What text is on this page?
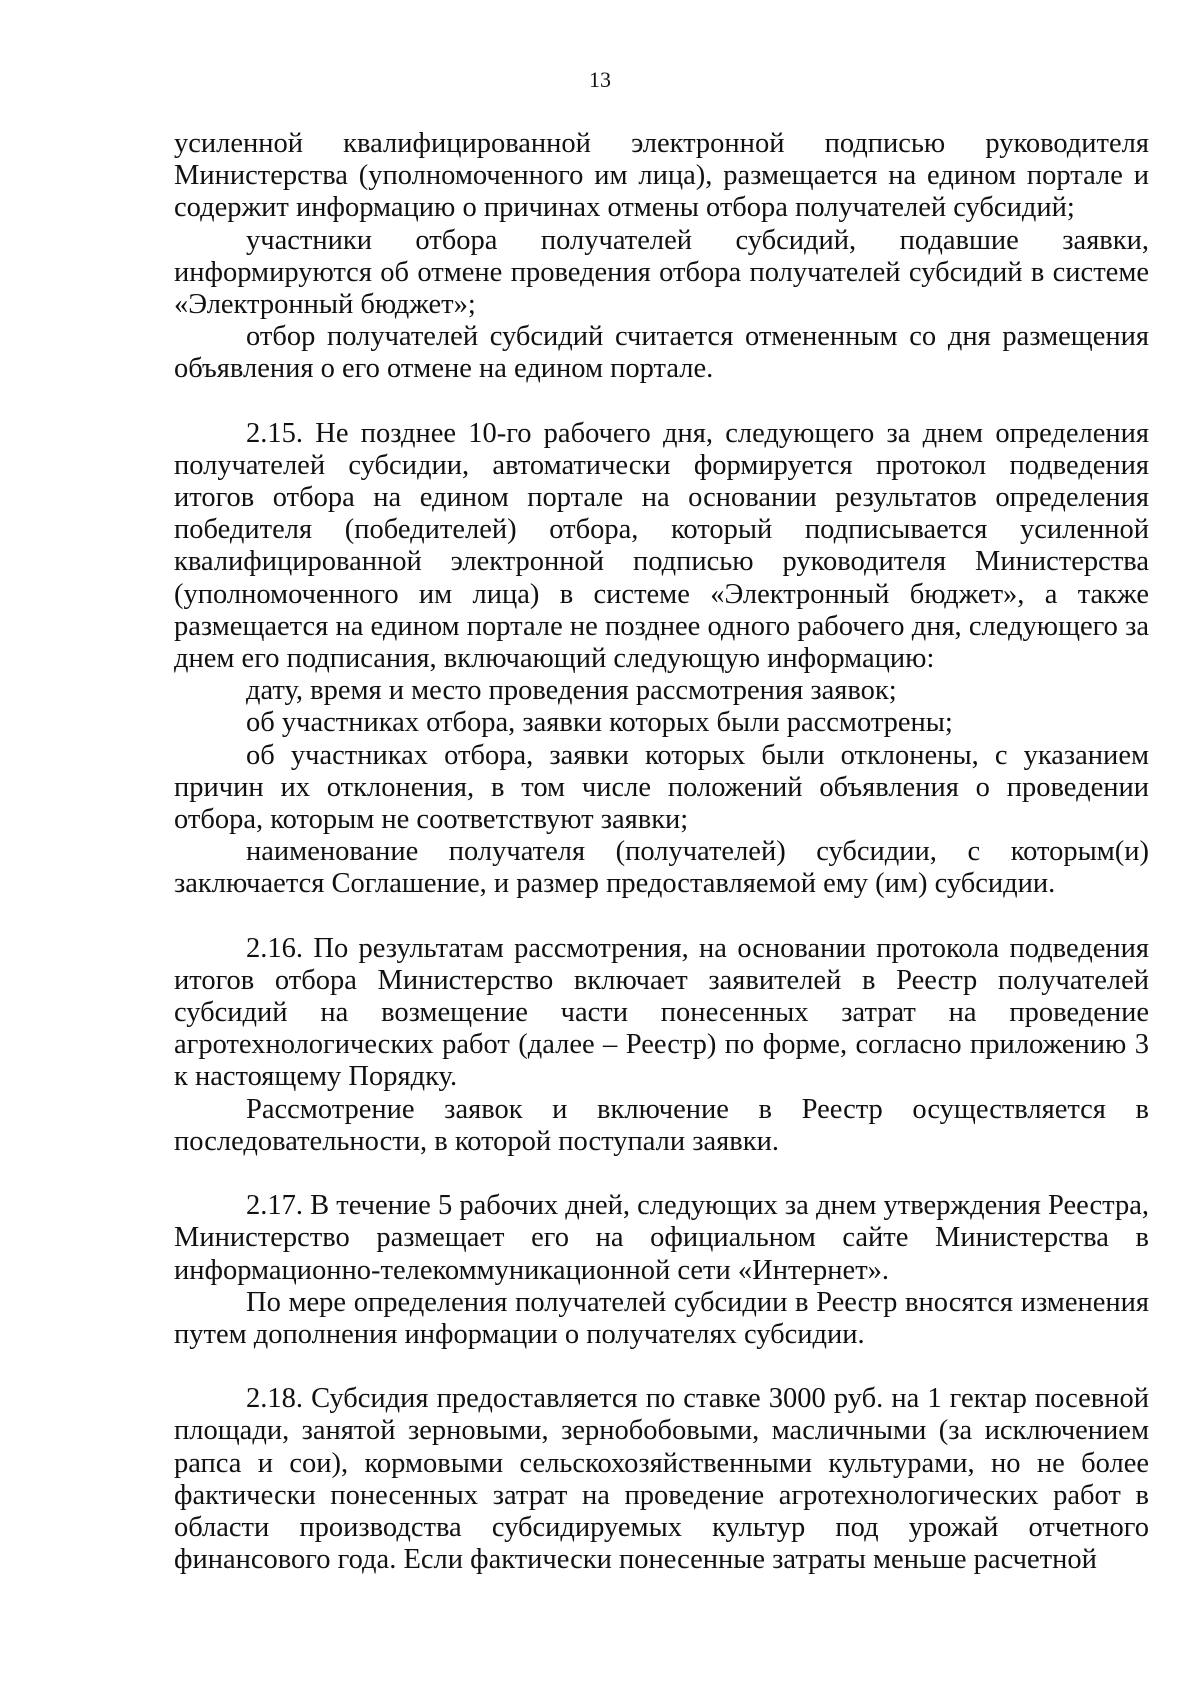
13

усиленной квалифицированной электронной подписью руководителя Министерства (уполномоченного им лица), размещается на едином портале и содержит информацию о причинах отмены отбора получателей субсидий;

участники отбора получателей субсидий, подавшие заявки, информируются об отмене проведения отбора получателей субсидий в системе «Электронный бюджет»;

отбор получателей субсидий считается отмененным со дня размещения объявления о его отмене на едином портале.

2.15. Не позднее 10-го рабочего дня, следующего за днем определения получателей субсидии, автоматически формируется протокол подведения итогов отбора на едином портале на основании результатов определения победителя (победителей) отбора, который подписывается усиленной квалифицированной электронной подписью руководителя Министерства (уполномоченного им лица) в системе «Электронный бюджет», а также размещается на едином портале не позднее одного рабочего дня, следующего за днем его подписания, включающий следующую информацию:

дату, время и место проведения рассмотрения заявок;

об участниках отбора, заявки которых были рассмотрены;

об участниках отбора, заявки которых были отклонены, с указанием причин их отклонения, в том числе положений объявления о проведении отбора, которым не соответствуют заявки;

наименование получателя (получателей) субсидии, с которым(и) заключается Соглашение, и размер предоставляемой ему (им) субсидии.

2.16. По результатам рассмотрения, на основании протокола подведения итогов отбора Министерство включает заявителей в Реестр получателей субсидий на возмещение части понесенных затрат на проведение агротехнологических работ (далее – Реестр) по форме, согласно приложению 3 к настоящему Порядку.

Рассмотрение заявок и включение в Реестр осуществляется в последовательности, в которой поступали заявки.

2.17. В течение 5 рабочих дней, следующих за днем утверждения Реестра, Министерство размещает его на официальном сайте Министерства в информационно-телекоммуникационной сети «Интернет».

По мере определения получателей субсидии в Реестр вносятся изменения путем дополнения информации о получателях субсидии.

2.18. Субсидия предоставляется по ставке 3000 руб. на 1 гектар посевной площади, занятой зерновыми, зернобобовыми, масличными (за исключением рапса и сои), кормовыми сельскохозяйственными культурами, но не более фактически понесенных затрат на проведение агротехнологических работ в области производства субсидируемых культур под урожай отчетного финансового года. Если фактически понесенные затраты меньше расчетной
